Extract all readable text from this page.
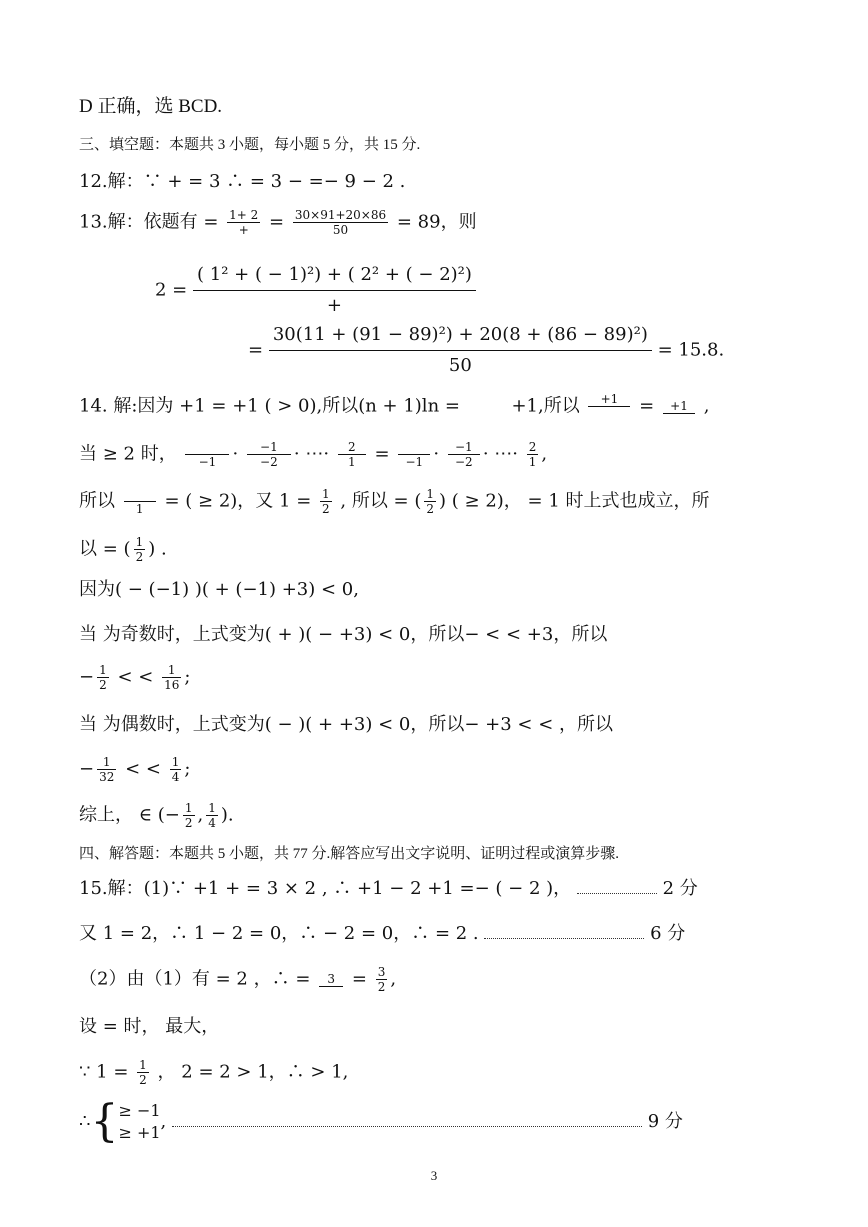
D 正确，选 BCD.
三、填空题：本题共 3 小题，每小题 5 分，共 15 分.
12.解：∵ + = 3 ∴ = 3 − =− 9 − 2 .
13.解：依题有 = $\frac{1+ 2}{+} = \frac{30\times 91+20\times 86}{50} = 89$，则
$2 = \frac{\text{( 1² + ( − 1)²) + ( 2² + ( − 2)²)}}{+}$
= $\frac{\text{30(11 + (91 − 89)²) + 20(8 + (86 − 89)²)}}{50} = 15.8$.
14. 解:因为 +1 = +1 ( > 0),所以(n + 1)ln =	+1,所以	+1
	=	+1 ,
当 ≥ 2 时，
	$-1 \cdot \frac{-1}{-2}$ · ⋯· $\frac{2}{1}$ =
	$-1 \cdot \frac{-1}{-2}$ · ⋯· $\frac{2}{1}$ ,
所以
	1	= ( ≥ 2)，又 $1 = \frac{1}{2}$ , 所以 = ( $\frac{1}{2}$ ) ( ≥ 2)， = 1 时上式也成立，所
以 = ( $\frac{1}{2}$ ) .
因为( − (−1) )( + (−1) +3) < 0,
当 为奇数时，上式变为( + )( − +3) < 0，所以− < < +3，所以
− $\frac{1}{2}$ < < $\frac{1}{16}$ ;
当 为偶数时，上式变为( − )( + +3) < 0，所以− +3 < < ，所以
− $\frac{1}{32}$ < < $\frac{1}{4}$ ;
综上， ∈ (− $\frac{1}{2}$ , $\frac{1}{4}$ ).
四、解答题：本题共 5 小题，共 77 分.解答应写出文字说明、证明过程或演算步骤.
15.解：(1)∵ +1 + = 3 × 2 , ∴ +1 − 2 +1 =− ( − 2 )，	2 分
又 1 = 2，∴ 1 − 2 = 0，∴ − 2 = 0，∴ = 2 .	6 分
（2）由（1）有 = 2 ，∴ =	$3 = \frac{3}{2}$ ,
设 = 时， 最大，
∵ $1 = \frac{1}{2}$ ， 2 = 2 > 1，∴ > 1,
∴{ ≥ −1
≥ +1
,	9 分
3
